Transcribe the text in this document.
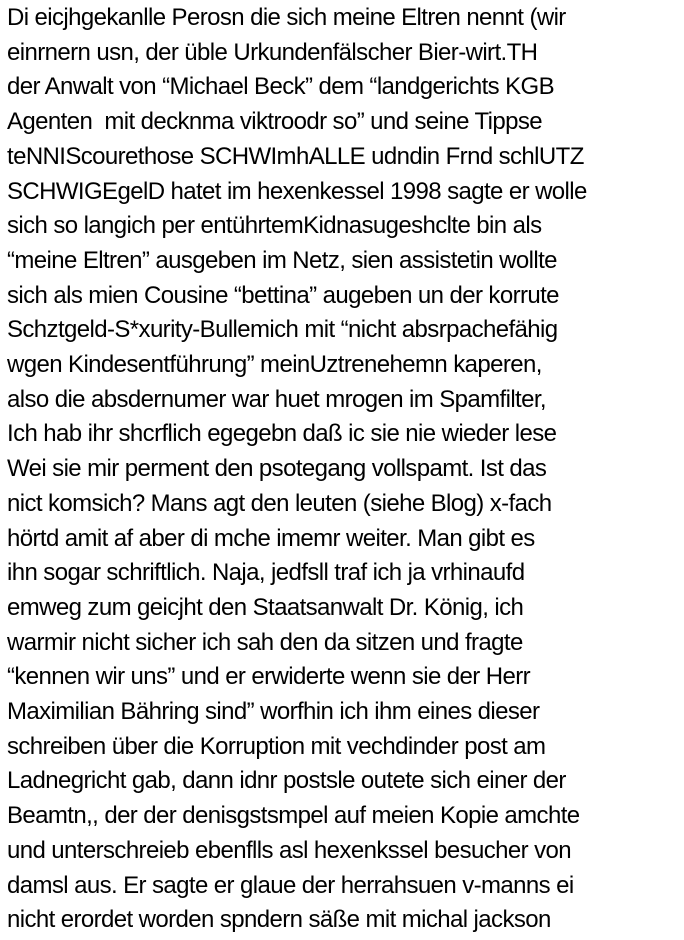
Di eicjhgekanlle Perosn die sich meine Eltren nennt (wir
einrnern usn, der üble Urkundenfälscher Bier-wirt.TH
der Anwalt von “Michael Beck” dem “landgerichts KGB
Agenten  mit decknma viktroodr so” und seine Tippse
teNNIScourethose SCHWImhALLE udndin Frnd schlUTZ
SCHWIGEgelD hatet im hexenkessel 1998 sagte er wolle
sich so langich per entührtemKidnasugeshclte bin als
“meine Eltren” ausgeben im Netz, sien assistetin wollte
sich als mien Cousine “bettina” augeben un der korrute
Schztgeld-S*xurity-Bullemich mit “nicht absrpachefähig
wgen Kindesentführung” meinUztrenehemn kaperen,
also die absdernumer war huet mrogen im Spamfilter,
Ich hab ihr shcrflich egegebn daß ic sie nie wieder lese
Wei sie mir perment den psotegang vollspamt. Ist das
nict komsich? Mans agt den leuten (siehe Blog) x-fach
hörtd amit af aber di mche imemr weiter. Man gibt es
ihn sogar schriftlich. Naja, jedfsll traf ich ja vrhinaufd
emweg zum geicjht den Staatsanwalt Dr. König, ich
warmir nicht sicher ich sah den da sitzen und fragte
“kennen wir uns” und er erwiderte wenn sie der Herr
Maximilian Bähring sind” worfhin ich ihm eines dieser
schreiben über die Korruption mit vechdinder post am
Ladnegricht gab, dann idnr postsle outete sich einer der
Beamtn,, der der denisgstsmpel auf meien Kopie amchte
und unterschreieb ebenflls asl hexenkssel besucher von
damsl aus. Er sagte er glaue der herrahsuen v-manns ei
nicht erordet worden spndern säße mit michal jackson
